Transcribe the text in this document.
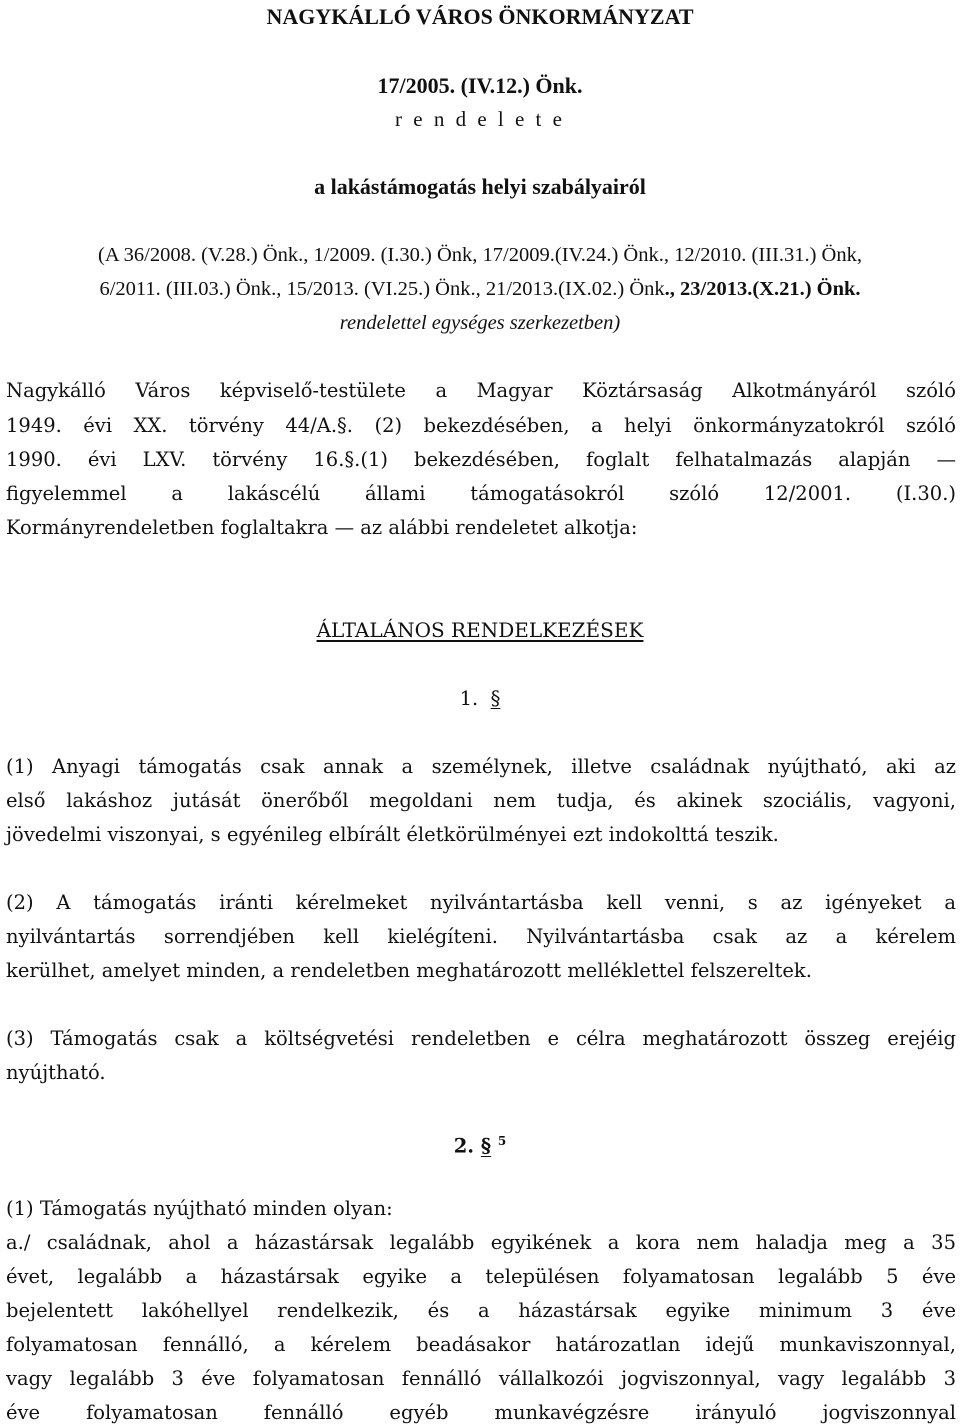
NAGYKÁLLÓ VÁROS ÖNKORMÁNYZAT
17/2005. (IV.12.) Önk.
r e n d e l e t e
a lakástámogatás helyi szabályairól
(A 36/2008. (V.28.) Önk., 1/2009. (I.30.) Önk, 17/2009.(IV.24.) Önk., 12/2010. (III.31.) Önk,
6/2011. (III.03.) Önk., 15/2013. (VI.25.) Önk., 21/2013.(IX.02.) Önk., 23/2013.(X.21.) Önk.
rendelettel egységes szerkezetben)
Nagykálló Város képviselő-testülete a Magyar Köztársaság Alkotmányáról szóló
1949. évi XX. törvény 44/A.§. (2) bekezdésében, a helyi önkormányzatokról szóló
1990. évi LXV. törvény 16.§.(1) bekezdésében, foglalt felhatalmazás alapján —
figyelemmel a lakáscélú állami támogatásokról szóló 12/2001. (I.30.)
Kormányrendeletben foglaltakra — az alábbi rendeletet alkotja:
ÁLTALÁNOS RENDELKEZÉSEK
1. §
(1) Anyagi támogatás csak annak a személynek, illetve családnak nyújtható, aki az
első lakáshoz jutását önerőből megoldani nem tudja, és akinek szociális, vagyoni,
jövedelmi viszonyai, s egyénileg elbírált életkörülményei ezt indokolttá teszik.
(2) A támogatás iránti kérelmeket nyilvántartásba kell venni, s az igényeket a
nyilvántartás sorrendjében kell kielégíteni. Nyilvántartásba csak az a kérelem
kerülhet, amelyet minden, a rendeletben meghatározott melléklettel felszereltek.
(3) Támogatás csak a költségvetési rendeletben e célra meghatározott összeg erejéig
nyújtható.
2. § $^5$
(1) Támogatás nyújtható minden olyan:
a./ családnak, ahol a házastársak legalább egyikének a kora nem haladja meg a 35
évet, legalább a házastársak egyike a településen folyamatosan legalább 5 éve
bejelentett lakóhellyel rendelkezik, és a házastársak egyike minimum 3 éve
folyamatosan fennálló, a kérelem beadásakor határozatlan idejű munkaviszonnyal,
vagy legalább 3 éve folyamatosan fennálló vállalkozói jogviszonnyal, vagy legalább 3
éve folyamatosan fennálló egyéb munkavégzésre irányuló jogviszonnyal
